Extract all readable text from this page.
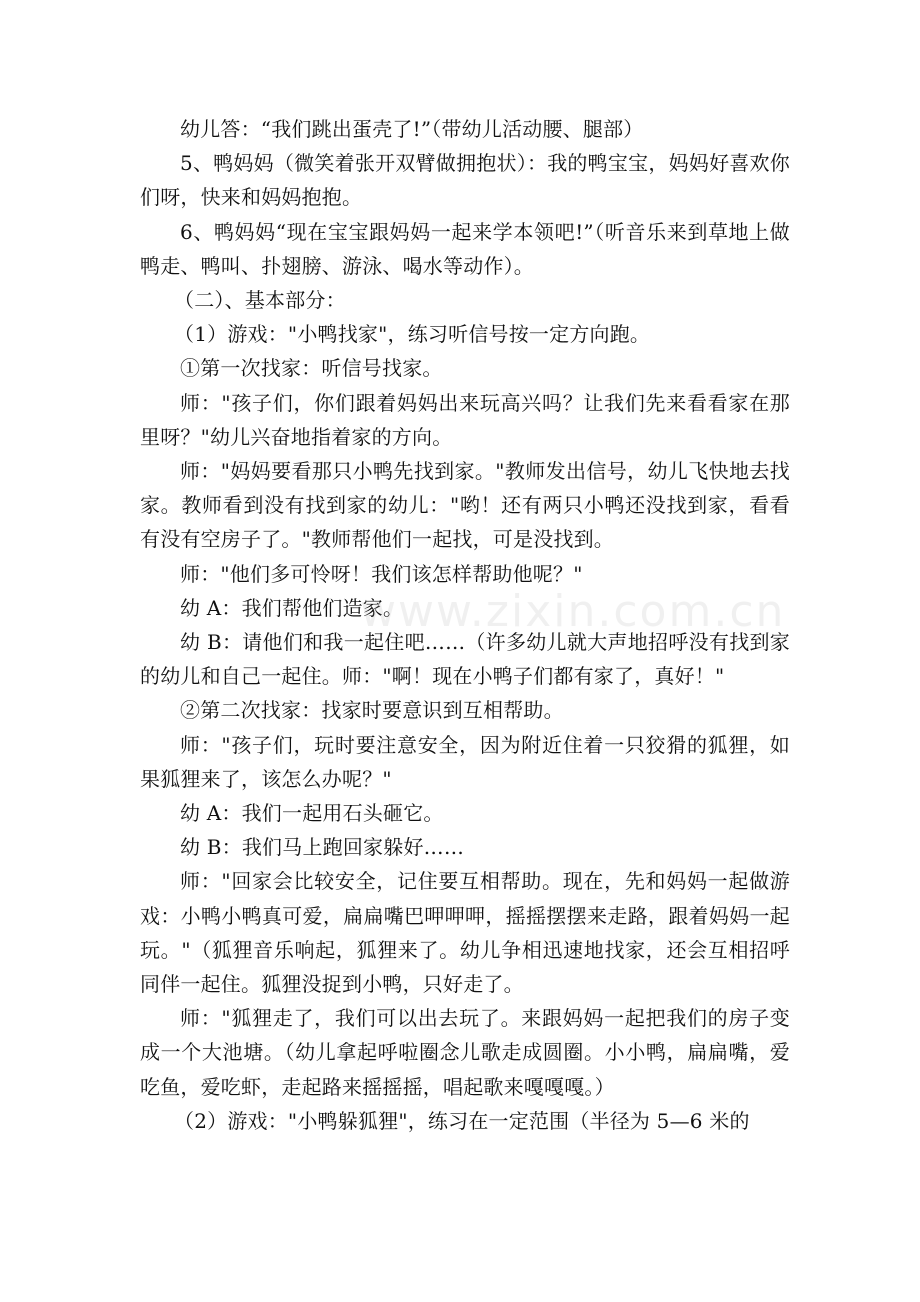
幼儿答：“我们跳出蛋壳了!”（带幼儿活动腰、腿部）

5、鸭妈妈（微笑着张开双臂做拥抱状）：我的鸭宝宝，妈妈好喜欢你们呀，快来和妈妈抱抱。

6、鸭妈妈“现在宝宝跟妈妈一起来学本领吧!”（听音乐来到草地上做鸭走、鸭叫、扑翅膀、游泳、喝水等动作）。

（二）、基本部分：

（1）游戏："小鸭找家"，练习听信号按一定方向跑。

①第一次找家：听信号找家。

师："孩子们，你们跟着妈妈出来玩高兴吗？让我们先来看看家在那里呀？"幼儿兴奋地指着家的方向。

师："妈妈要看那只小鸭先找到家。"教师发出信号，幼儿飞快地去找家。教师看到没有找到家的幼儿："哟！还有两只小鸭还没找到家，看看有没有空房子了。"教师帮他们一起找，可是没找到。

师："他们多可怜呀！我们该怎样帮助他呢？"

幼 A：我们帮他们造家。

幼 B：请他们和我一起住吧……（许多幼儿就大声地招呼没有找到家的幼儿和自己一起住。师："啊！现在小鸭子们都有家了，真好！"

②第二次找家：找家时要意识到互相帮助。

师："孩子们，玩时要注意安全，因为附近住着一只狡猾的狐狸，如果狐狸来了，该怎么办呢？"

幼 A：我们一起用石头砸它。

幼 B：我们马上跑回家躲好……

师："回家会比较安全，记住要互相帮助。现在，先和妈妈一起做游戏：小鸭小鸭真可爱，扁扁嘴巴呷呷呷，摇摇摆摆来走路，跟着妈妈一起玩。"（狐狸音乐响起，狐狸来了。幼儿争相迅速地找家，还会互相招呼同伴一起住。狐狸没捉到小鸭，只好走了。

师："狐狸走了，我们可以出去玩了。来跟妈妈一起把我们的房子变成一个大池塘。（幼儿拿起呼啦圈念儿歌走成圆圈。小小鸭，扁扁嘴，爱吃鱼，爱吃虾，走起路来摇摇摇，唱起歌来嘎嘎嘎。）

（2）游戏："小鸭躲狐狸"，练习在一定范围（半径为 5—6 米的

www.zixin.com.cn
